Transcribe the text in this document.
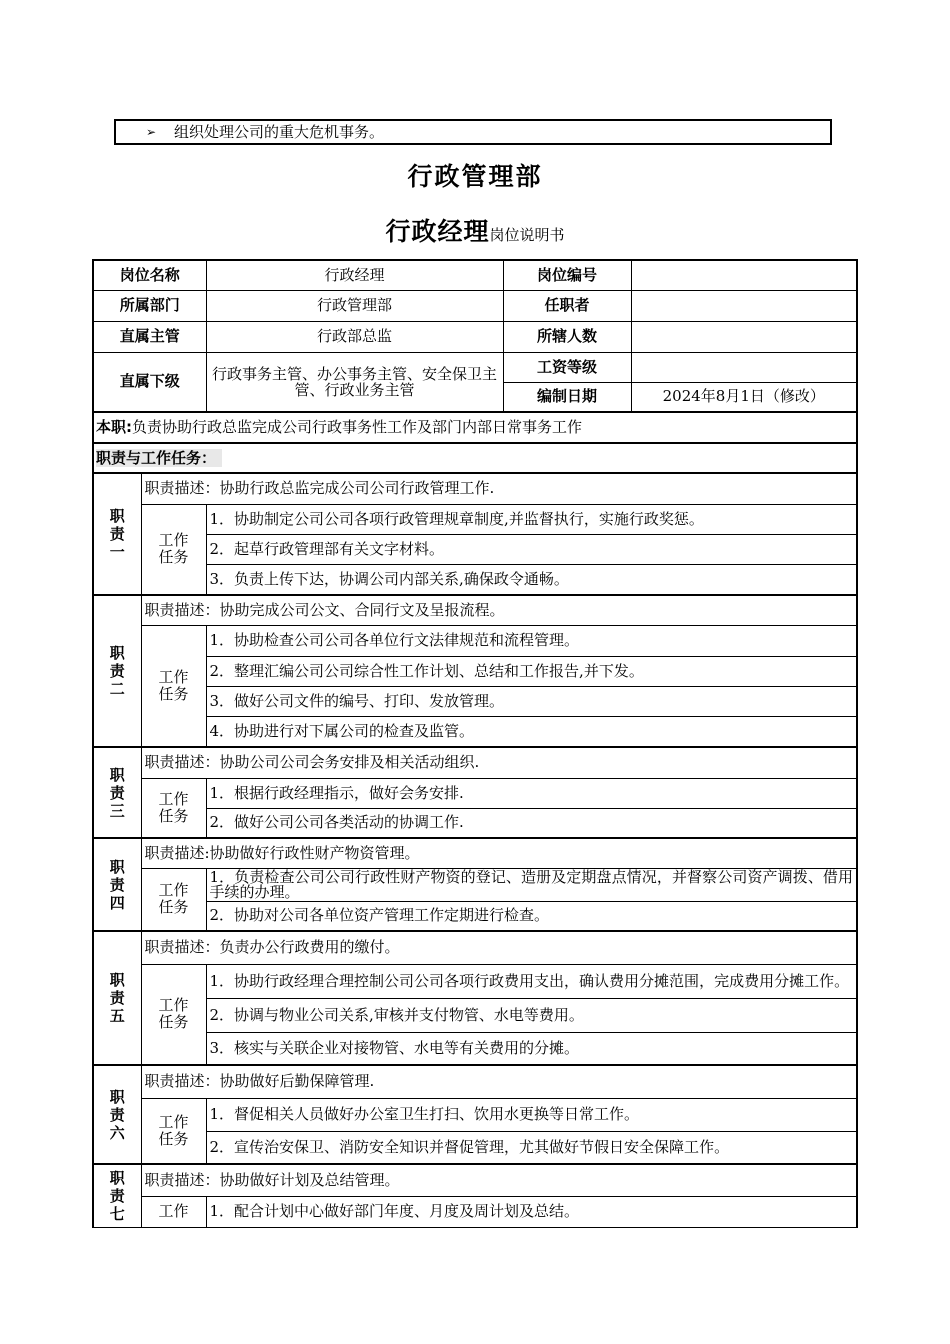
➢ 组织处理公司的重大危机事务。
行政管理部
行政经理岗位说明书
岗位名称		行政经理	岗位编号	
所属部门		行政管理部	任职者	
直属主管		行政部总监	所辖人数	
直属下级		行政事务主管、办公事务主管、安全保卫主管、行政业务主管	工资等级	
			编制日期	2024年8月1日（修改）
本职:负责协助行政总监完成公司行政事务性工作及部门内部日常事务工作				
职责与工作任务：				
职
责
一	职责描述：协助行政总监完成公司公司行政管理工作.			
	工作
任务	1．协助制定公司公司各项行政管理规章制度,并监督执行，实施行政奖惩。		
		2．起草行政管理部有关文字材料。		
		3．负责上传下达，协调公司内部关系,确保政令通畅。		
职
责
二	职责描述：协助完成公司公文、合同行文及呈报流程。			
	工作
任务	1．协助检查公司公司各单位行文法律规范和流程管理。		
		2．整理汇编公司公司综合性工作计划、总结和工作报告,并下发。		
		3．做好公司文件的编号、打印、发放管理。		
		4．协助进行对下属公司的检查及监管。		
职
责
三	职责描述：协助公司公司会务安排及相关活动组织.			
	工作
任务	1．根据行政经理指示，做好会务安排.		
		2．做好公司公司各类活动的协调工作.		
职
责
四	职责描述:协助做好行政性财产物资管理。			
	工作
任务	1．负责检查公司公司行政性财产物资的登记、造册及定期盘点情况，并督察公司资产调拨、借用手续的办理。		
		2．协助对公司各单位资产管理工作定期进行检查。		
职
责
五	职责描述：负责办公行政费用的缴付。			
	工作
任务	1．协助行政经理合理控制公司公司各项行政费用支出，确认费用分摊范围，完成费用分摊工作。		
		2．协调与物业公司关系,审核并支付物管、水电等费用。		
		3．核实与关联企业对接物管、水电等有关费用的分摊。		
职
责
六	职责描述：协助做好后勤保障管理.			
	工作
任务	1．督促相关人员做好办公室卫生打扫、饮用水更换等日常工作。		
		2．宣传治安保卫、消防安全知识并督促管理，尤其做好节假日安全保障工作。		
职
责
七	职责描述：协助做好计划及总结管理。			
	工作	1．配合计划中心做好部门年度、月度及周计划及总结。		
